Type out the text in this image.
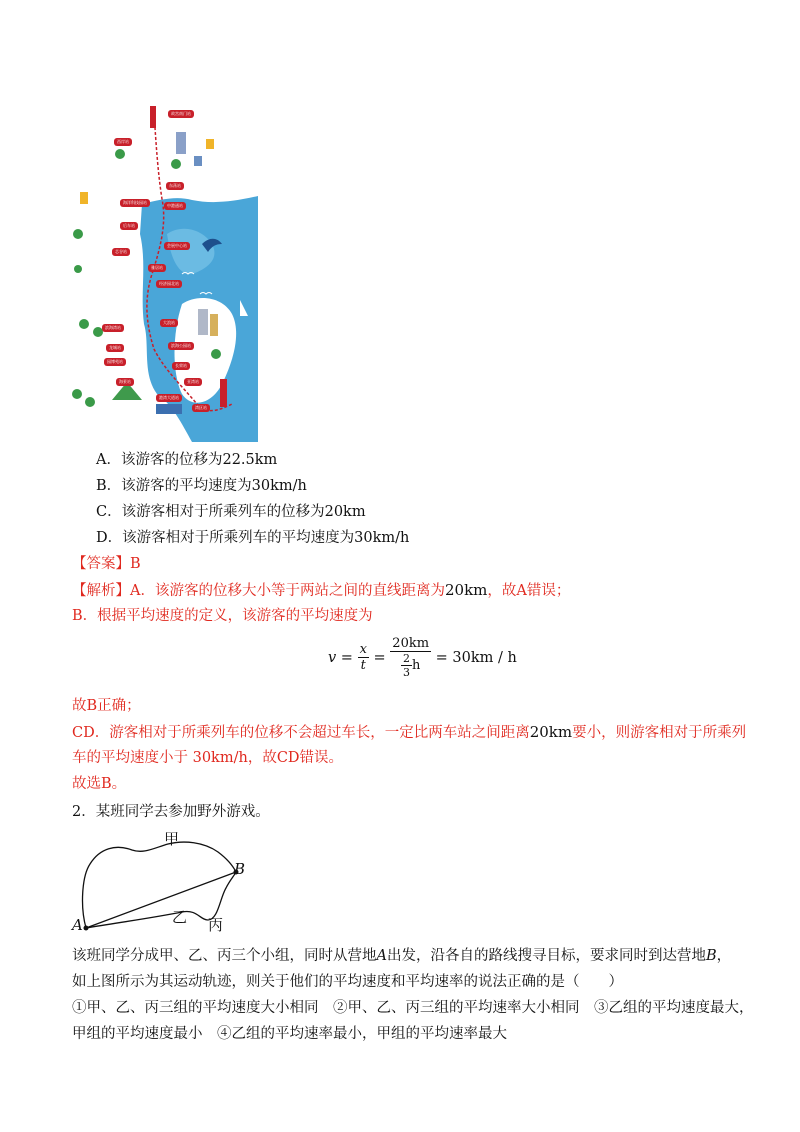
故宫南门站
西岸站
东荡站
海洋科技园站
中港通站
后车站
会展中心站
芯谷站
雅居站
经济园北站
滨海湾站
大浪站
龙城站
园博苑站
滨海公园站
长荣站
海景站	亚湾站
港湾大道站
湾区站
A．该游客的位移为22.5km
B．该游客的平均速度为30km/h
C．该游客相对于所乘列车的位移为20km
D．该游客相对于所乘列车的平均速度为30km/h
【答案】B
【解析】A．该游客的位移大小等于两站之间的直线距离为20km，故A错误；
B．根据平均速度的定义，该游客的平均速度为
$v = \frac{x}{t} = \frac{20km}{\frac{2}{3} h} = 30km / h$
故B正确；
CD．游客相对于所乘列车的位移不会超过车长，一定比两车站之间距离20km要小，则游客相对于所乘列
车的平均速度小于 30km/h，故CD错误。
故选B。
2．某班同学去参加野外游戏。
甲
乙 丙
A
B
该班同学分成甲、乙、丙三个小组，同时从营地A出发，沿各自的路线搜寻目标，要求同时到达营地B，
如上图所示为其运动轨迹，则关于他们的平均速度和平均速率的说法正确的是（　　）
①甲、乙、丙三组的平均速度大小相同　②甲、乙、丙三组的平均速率大小相同　③乙组的平均速度最大，
甲组的平均速度最小　④乙组的平均速率最小，甲组的平均速率最大
